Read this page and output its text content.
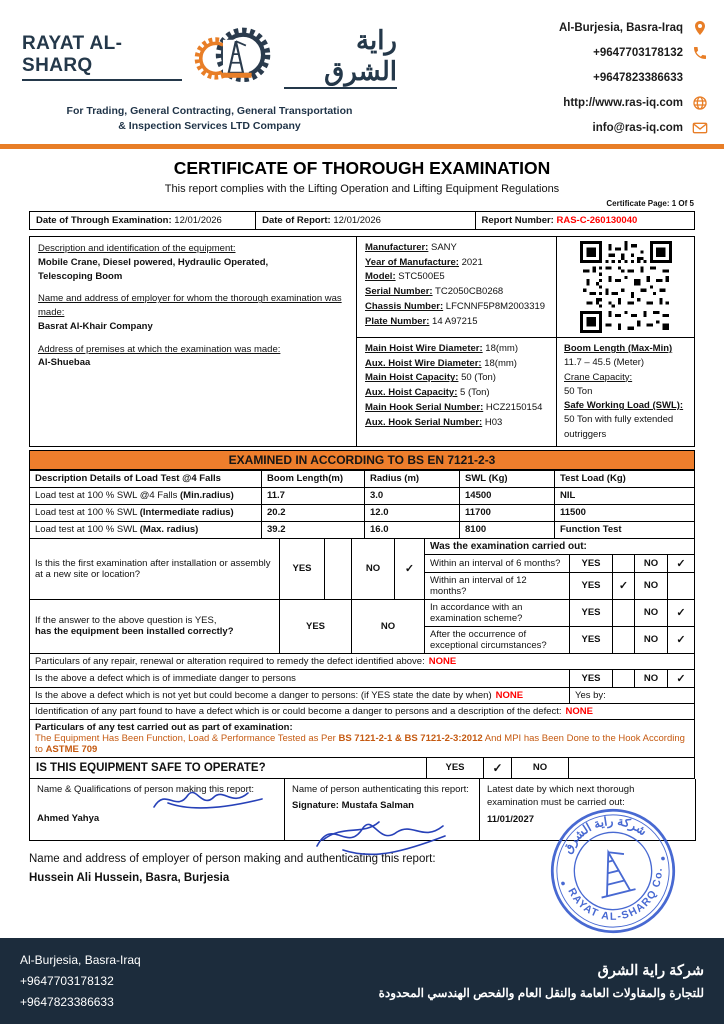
RAYAT AL-SHARQ
راية الشرق
For Trading, General Contracting, General Transportation
& Inspection Services LTD Company
Al-Burjesia, Basra-Iraq
+9647703178132
+9647823386633
http://www.ras-iq.com
info@ras-iq.com
CERTIFICATE OF THOROUGH EXAMINATION
This report complies with the Lifting Operation and Lifting Equipment Regulations
Certificate Page: 1 Of 5
Date of Through Examination: 12/01/2026	Date of Report: 12/01/2026	Report Number: RAS-C-260130040
Description and identification of the equipment:
Mobile Crane, Diesel powered, Hydraulic Operated,
Telescoping Boom
Name and address of employer for whom the thorough examination was made:
Basrat Al-Khair Company
Address of premises at which the examination was made:
Al-Shuebaa
Manufacturer: SANY
Year of Manufacture: 2021
Model: STC500E5
Serial Number: TC2050CB0268
Chassis Number: LFCNNF5P8M2003319
Plate Number: 14 A97215
Main Hoist Wire Diameter: 18(mm)
Aux. Hoist Wire Diameter: 18(mm)
Main Hoist Capacity: 50 (Ton)
Aux. Hoist Capacity: 5 (Ton)
Main Hook Serial Number: HCZ2150154
Aux. Hook Serial Number: H03
Boom Length (Max-Min)
11.7 – 45.5 (Meter)
Crane Capacity:
50 Ton
Safe Working Load (SWL):
50 Ton with fully extended outriggers
EXAMINED IN ACCORDING TO BS EN 7121-2-3
Description Details of Load Test @4 Falls	Boom Length(m)	Radius (m)	SWL (Kg)	Test Load (Kg)
Load test at 100 % SWL @4 Falls (Min.radius)	11.7	3.0	14500	NIL
Load test at 100 % SWL (Intermediate radius)	20.2	12.0	11700	11500
Load test at 100 % SWL (Max. radius)	39.2	16.0	8100	Function Test
Is this the first examination after installation or assembly at a new site or location?	YES	NO	✓
Was the examination carried out:
Within an interval of 6 months?	YES	NO	✓
Within an interval of 12 months?	YES	✓	NO
If the answer to the above question is YES,
has the equipment been installed correctly?	YES	NO
In accordance with an examination scheme?	YES	NO	✓
After the occurrence of exceptional circumstances?	YES	NO	✓
Particulars of any repair, renewal or alteration required to remedy the defect identified above: NONE
Is the above a defect which is of immediate danger to persons	YES	NO	✓
Is the above a defect which is not yet but could become a danger to persons: (if YES state the date by when) NONE	Yes by:
Identification of any part found to have a defect which is or could become a danger to persons and a description of the defect: NONE
Particulars of any test carried out as part of examination:
The Equipment Has Been Function, Load & Performance Tested as Per BS 7121-2-1 & BS 7121-2-3:2012 And MPI has Been Done to the Hook According to ASTME 709
IS THIS EQUIPMENT SAFE TO OPERATE?	YES	✓	NO
Name & Qualifications of person making this report:
Ahmed Yahya
Name of person authenticating this report:
Signature: Mustafa Salman
Latest date by which next thorough examination must be carried out:
11/01/2027
Name and address of employer of person making and authenticating this report:
Hussein Ali Hussein, Basra, Burjesia
شركة راية الشرق
RAYAT AL-SHARQ Co.
Al-Burjesia, Basra-Iraq
+9647703178132
+9647823386633
شركة راية الشرق
للتجارة والمقاولات العامة والنقل العام والفحص الهندسي المحدودة
